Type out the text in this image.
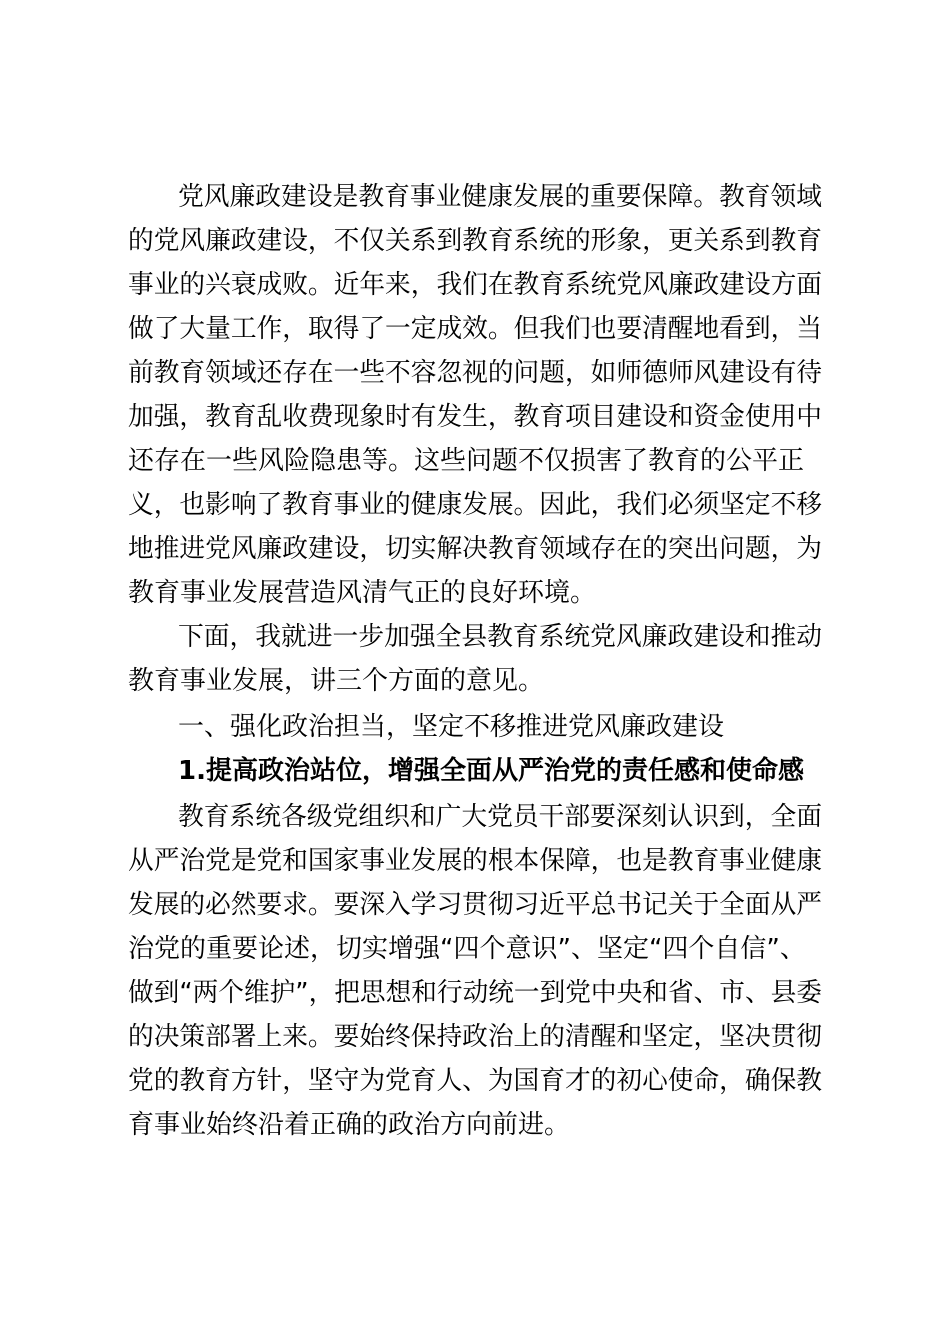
党风廉政建设是教育事业健康发展的重要保障。教育领域
的党风廉政建设，不仅关系到教育系统的形象，更关系到教育
事业的兴衰成败。近年来，我们在教育系统党风廉政建设方面
做了大量工作，取得了一定成效。但我们也要清醒地看到，当
前教育领域还存在一些不容忽视的问题，如师德师风建设有待
加强，教育乱收费现象时有发生，教育项目建设和资金使用中
还存在一些风险隐患等。这些问题不仅损害了教育的公平正
义，也影响了教育事业的健康发展。因此，我们必须坚定不移
地推进党风廉政建设，切实解决教育领域存在的突出问题，为
教育事业发展营造风清气正的良好环境。
下面，我就进一步加强全县教育系统党风廉政建设和推动
教育事业发展，讲三个方面的意见。
一、强化政治担当，坚定不移推进党风廉政建设
1.提高政治站位，增强全面从严治党的责任感和使命感
教育系统各级党组织和广大党员干部要深刻认识到，全面
从严治党是党和国家事业发展的根本保障，也是教育事业健康
发展的必然要求。要深入学习贯彻习近平总书记关于全面从严
治党的重要论述，切实增强“四个意识”、坚定“四个自信”、
做到“两个维护”，把思想和行动统一到党中央和省、市、县委
的决策部署上来。要始终保持政治上的清醒和坚定，坚决贯彻
党的教育方针，坚守为党育人、为国育才的初心使命，确保教
育事业始终沿着正确的政治方向前进。
